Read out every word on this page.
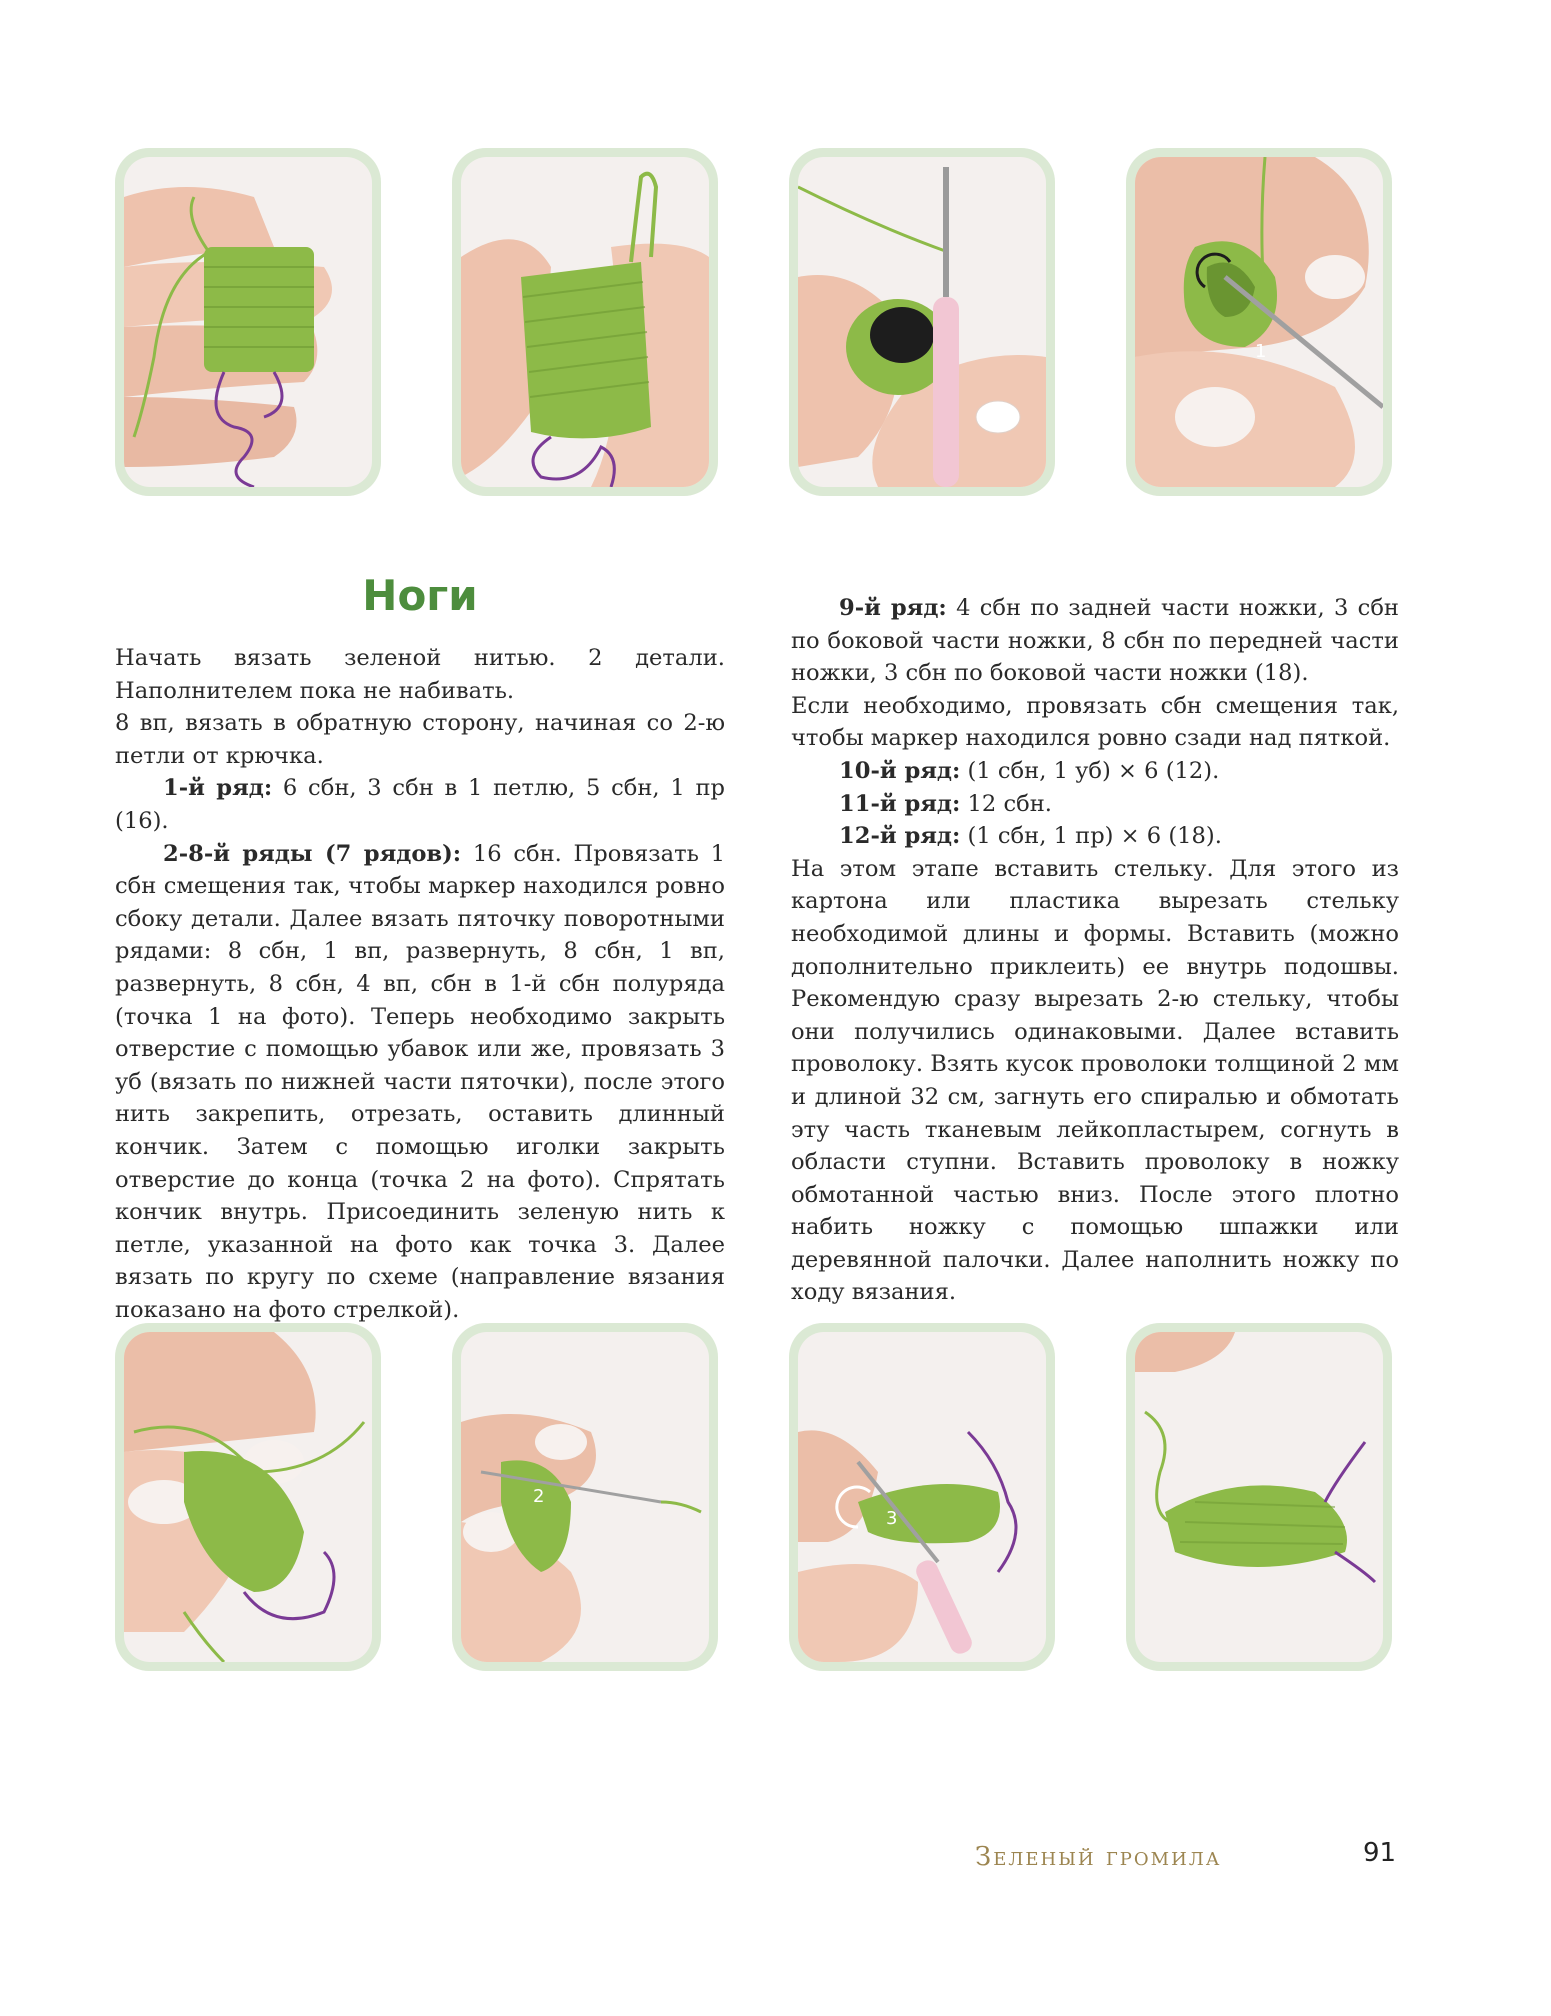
1
Ноги

Начать вязать зеленой нитью. 2 детали. Наполнителем пока не набивать.

8 вп, вязать в обратную сторону, начиная со 2-ю петли от крючка.

1-й ряд: 6 сбн, 3 сбн в 1 петлю, 5 сбн, 1 пр (16).

2-8-й ряды (7 рядов): 16 сбн. Провязать 1 сбн смещения так, чтобы маркер находился ровно сбоку детали. Далее вязать пяточку поворотными рядами: 8 сбн, 1 вп, развернуть, 8 сбн, 1 вп, развернуть, 8 сбн, 4 вп, сбн в 1-й сбн полуряда (точка 1 на фото). Теперь необходимо закрыть отверстие с помощью убавок или же, провязать 3 уб (вязать по нижней части пяточки), после этого нить закрепить, отрезать, оставить длинный кончик. Затем с помощью иголки закрыть отверстие до конца (точка 2 на фото). Спрятать кончик внутрь. Присоединить зеленую нить к петле, указанной на фото как точка 3. Далее вязать по кругу по схеме (направление вязания показано на фото стрелкой).

9-й ряд: 4 сбн по задней части ножки, 3 сбн по боковой части ножки, 8 сбн по передней части ножки, 3 сбн по боковой части ножки (18).

Если необходимо, провязать сбн смещения так, чтобы маркер находился ровно сзади над пяткой.

10-й ряд: (1 сбн, 1 уб) × 6 (12).

11-й ряд: 12 сбн.

12-й ряд: (1 сбн, 1 пр) × 6 (18).

На этом этапе вставить стельку. Для этого из картона или пластика вырезать стельку необходимой длины и формы. Вставить (можно дополнительно приклеить) ее внутрь подошвы. Рекомендую сразу вырезать 2-ю стельку, чтобы они получились одинаковыми. Далее вставить проволоку. Взять кусок проволоки толщиной 2 мм и длиной 32 см, загнуть его спиралью и обмотать эту часть тканевым лейкопластырем, согнуть в области ступни. Вставить проволоку в ножку обмотанной частью вниз. После этого плотно набить ножку с помощью шпажки или деревянной палочки. Далее наполнить ножку по ходу вязания.

2
3
Зеленый громила	91
